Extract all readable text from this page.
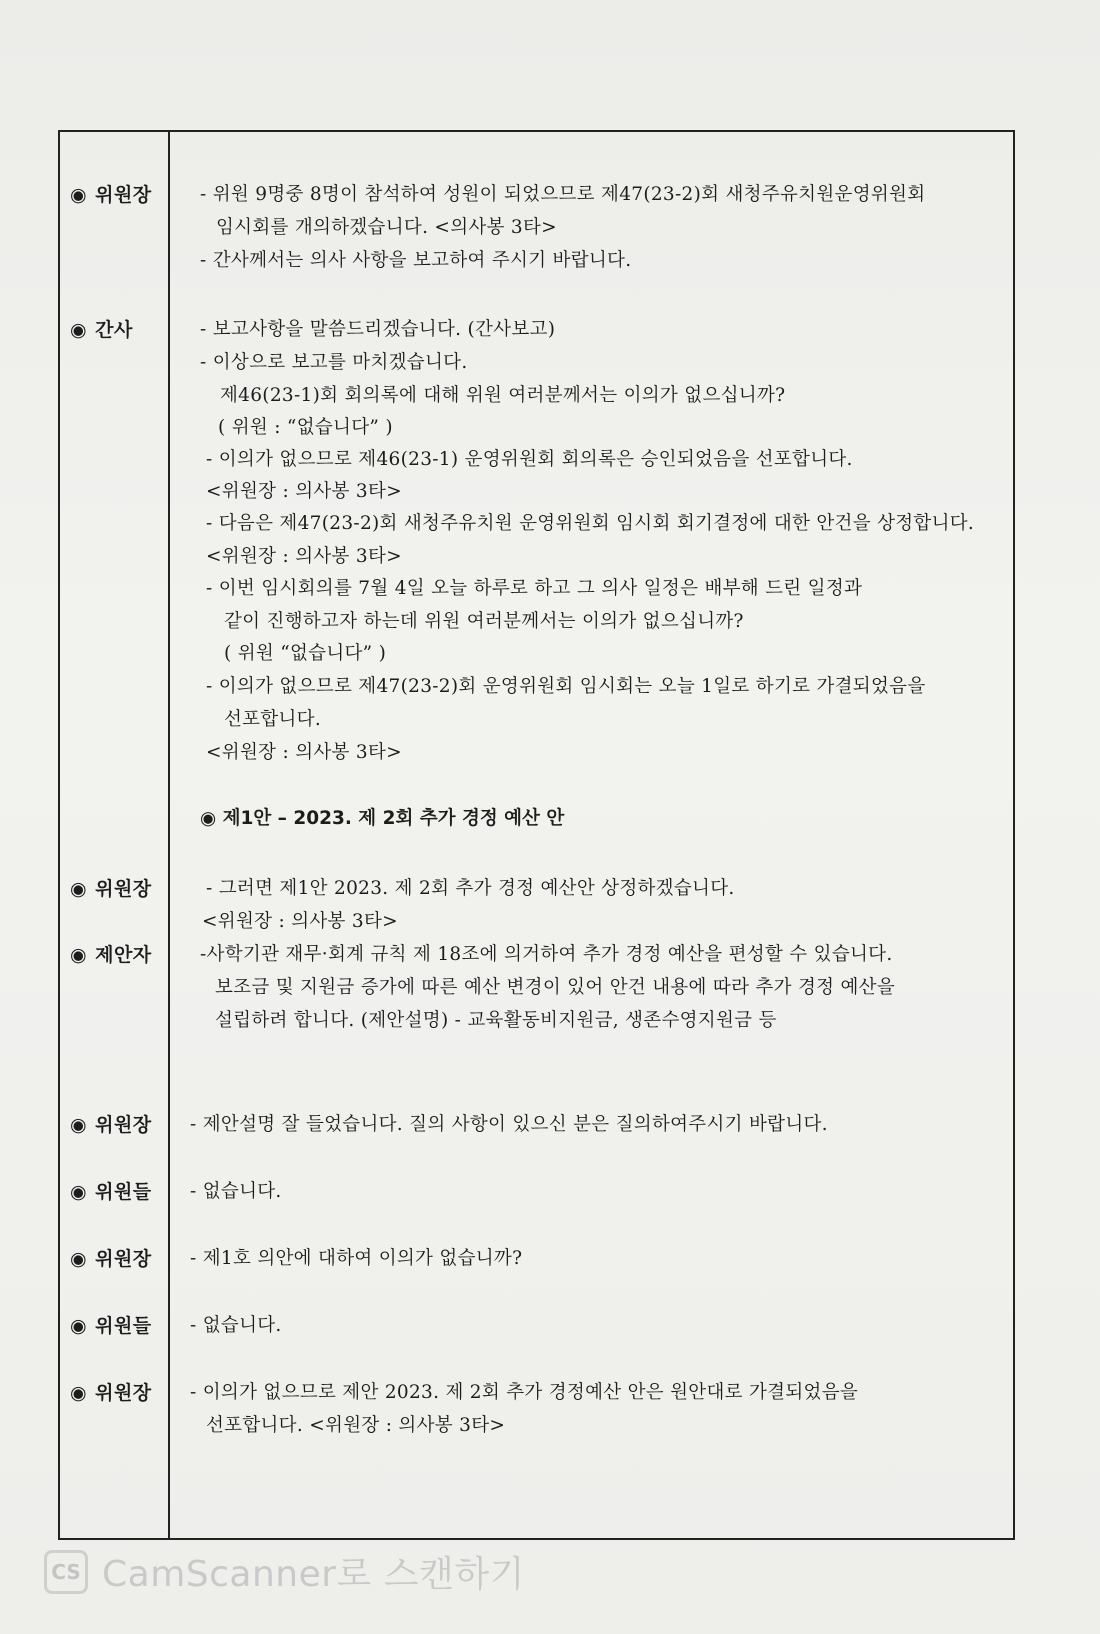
◉ 위원장	- 위원 9명중 8명이 참석하여 성원이 되었으므로 제47(23-2)회 새청주유치원운영위원회
임시회를 개의하겠습니다. <의사봉 3타>
- 간사께서는 의사 사항을 보고하여 주시기 바랍니다.
◉ 간사	- 보고사항을 말씀드리겠습니다. (간사보고)
- 이상으로 보고를 마치겠습니다.
제46(23-1)회 회의록에 대해 위원 여러분께서는 이의가 없으십니까?
( 위원 : “없습니다” )
- 이의가 없으므로 제46(23-1) 운영위원회 회의록은 승인되었음을 선포합니다.
<위원장 : 의사봉 3타>
- 다음은 제47(23-2)회 새청주유치원 운영위원회 임시회 회기결정에 대한 안건을 상정합니다.
<위원장 : 의사봉 3타>
- 이번 임시회의를 7월 4일 오늘 하루로 하고 그 의사 일정은 배부해 드린 일정과
같이 진행하고자 하는데 위원 여러분께서는 이의가 없으십니까?
( 위원 “없습니다” )
- 이의가 없으므로 제47(23-2)회 운영위원회 임시회는 오늘 1일로 하기로 가결되었음을
선포합니다.
<위원장 : 의사봉 3타>
◉ 제1안 – 2023. 제 2회 추가 경정 예산 안
◉ 위원장	- 그러면 제1안 2023. 제 2회 추가 경정 예산안 상정하겠습니다.
<위원장 : 의사봉 3타>
◉ 제안자	-사학기관 재무·회계 규칙 제 18조에 의거하여 추가 경정 예산을 편성할 수 있습니다.
보조금 및 지원금 증가에 따른 예산 변경이 있어 안건 내용에 따라 추가 경정 예산을
설립하려 합니다. (제안설명) - 교육활동비지원금, 생존수영지원금 등
◉ 위원장	- 제안설명 잘 들었습니다. 질의 사항이 있으신 분은 질의하여주시기 바랍니다.
◉ 위원들	- 없습니다.
◉ 위원장	- 제1호 의안에 대하여 이의가 없습니까?
◉ 위원들	- 없습니다.
◉ 위원장	- 이의가 없으므로 제안 2023. 제 2회 추가 경정예산 안은 원안대로 가결되었음을
선포합니다. <위원장 : 의사봉 3타>
CS CamScanner로 스캔하기
